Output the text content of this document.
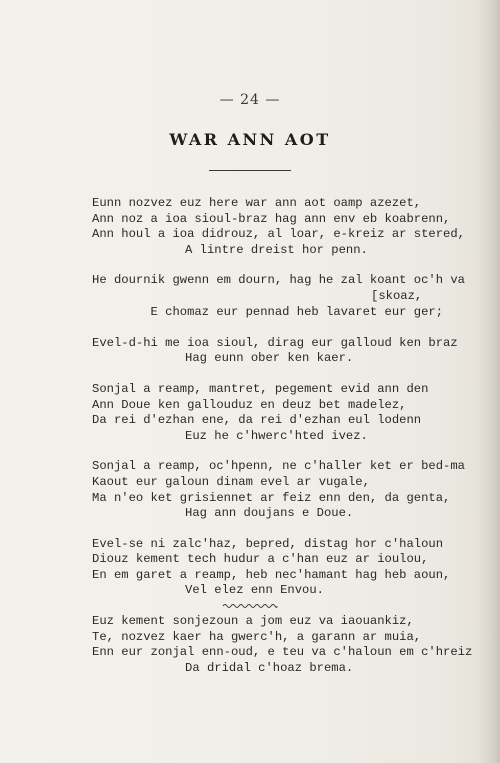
— 24 —
WAR ANN AOT
Eunn nozvez euz here war ann aot oamp azezet,
Ann noz a ioa sioul-braz hag ann env eb koabrenn,
Ann houl a ioa didrouz, al loar, e-kreiz ar stered,
A lintre dreist hor penn.
He dournik gwenn em dourn, hag he zal koant oc'h va

E chomaz eur pennad heb lavaret eur ger;
[skoaz,

Evel-d-hi me ioa sioul, dirag eur galloud ken braz
Hag eunn ober ken kaer.
Sonjal a reamp, mantret, pegement evid ann den
Ann Doue ken gallouduz en deuz bet madelez,
Da rei d'ezhan ene, da rei d'ezhan eul lodenn
Euz he c'hwerc'hted ivez.
Sonjal a reamp, oc'hpenn, ne c'haller ket er bed-ma
Kaout eur galoun dinam evel ar vugale,
Ma n'eo ket grisiennet ar feiz enn den, da genta,
Hag ann doujans e Doue.
Evel-se ni zalc'haz, bepred, distag hor c'haloun
Diouz kement tech hudur a c'han euz ar ioulou,
En em garet a reamp, heb nec'hamant hag heb aoun,
Vel elez enn Envou.
Euz kement sonjezoun a jom euz va iaouankiz,
Te, nozvez kaer ha gwerc'h, a garann ar muia,
Enn eur zonjal enn-oud, e teu va c'haloun em c'hreiz
Da dridal c'hoaz brema.
